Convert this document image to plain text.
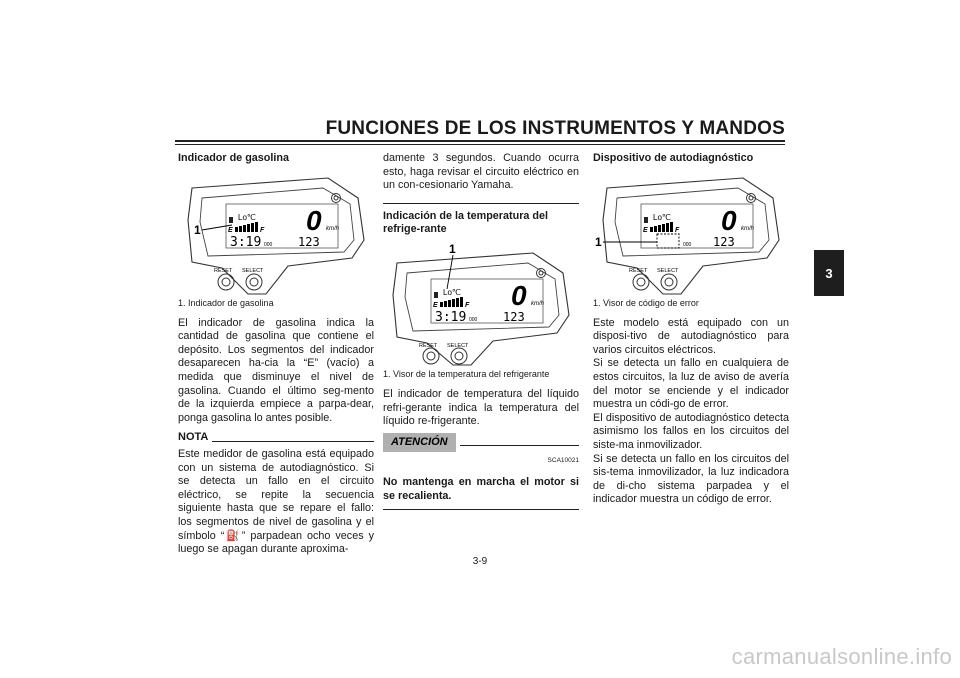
FUNCIONES DE LOS INSTRUMENTOS Y MANDOS
3
Indicador de gasolina
Lo℃
E	F
3:19 000
0 km/h
123
RESET SELECT
1
1. Indicador de gasolina

El indicador de gasolina indica la cantidad de gasolina que contiene el depósito. Los segmentos del indicador desaparecen ha-cia la “E” (vacío) a medida que disminuye el nivel de gasolina. Cuando el último seg-mento de la izquierda empiece a parpa-dear, ponga gasolina lo antes posible.

NOTA

Este medidor de gasolina está equipado con un sistema de autodiagnóstico. Si se detecta un fallo en el circuito eléctrico, se repite la secuencia siguiente hasta que se repare el fallo: los segmentos de nivel de gasolina y el símbolo “⛽” parpadean ocho veces y luego se apagan durante aproxima-

damente 3 segundos. Cuando ocurra esto, haga revisar el circuito eléctrico en un con-cesionario Yamaha.

Indicación de la temperatura del refrige-rante
Lo℃
E	F
3:19 000
0 km/h
123
RESET SELECT
1
1. Visor de la temperatura del refrigerante

El indicador de temperatura del líquido refri-gerante indica la temperatura del líquido re-frigerante.

ATENCIÓN
SCA10021
No mantenga en marcha el motor si se recalienta.
Dispositivo de autodiagnóstico
Lo℃
E	F
000
0 km/h
123
RESET SELECT
1
1. Visor de código de error

Este modelo está equipado con un disposi-tivo de autodiagnóstico para varios circuitos eléctricos.

Si se detecta un fallo en cualquiera de estos circuitos, la luz de aviso de avería del motor se enciende y el indicador muestra un códi-go de error.

El dispositivo de autodiagnóstico detecta asimismo los fallos en los circuitos del siste-ma inmovilizador.

Si se detecta un fallo en los circuitos del sis-tema inmovilizador, la luz indicadora de di-cho sistema parpadea y el indicador muestra un código de error.

3-9
carmanualsonline.info
